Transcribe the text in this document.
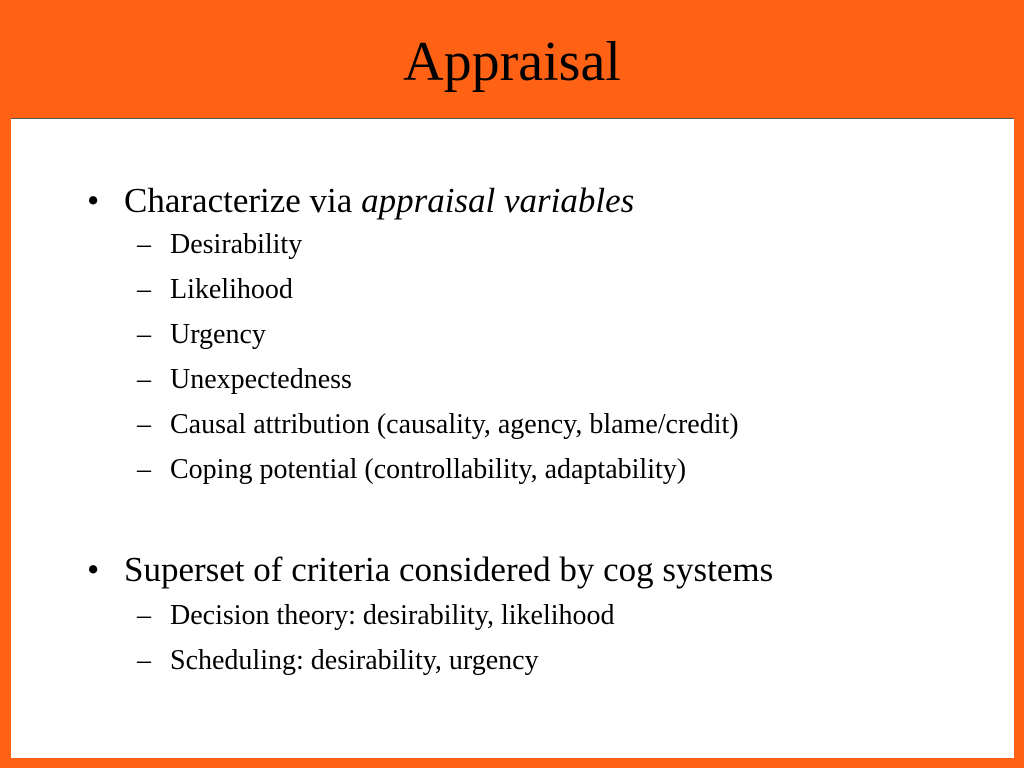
Appraisal
• Characterize via appraisal variables
– Desirability
– Likelihood
– Urgency
– Unexpectedness
– Causal attribution (causality, agency, blame/credit)
– Coping potential (controllability, adaptability)
• Superset of criteria considered by cog systems
– Decision theory: desirability, likelihood
– Scheduling: desirability, urgency
